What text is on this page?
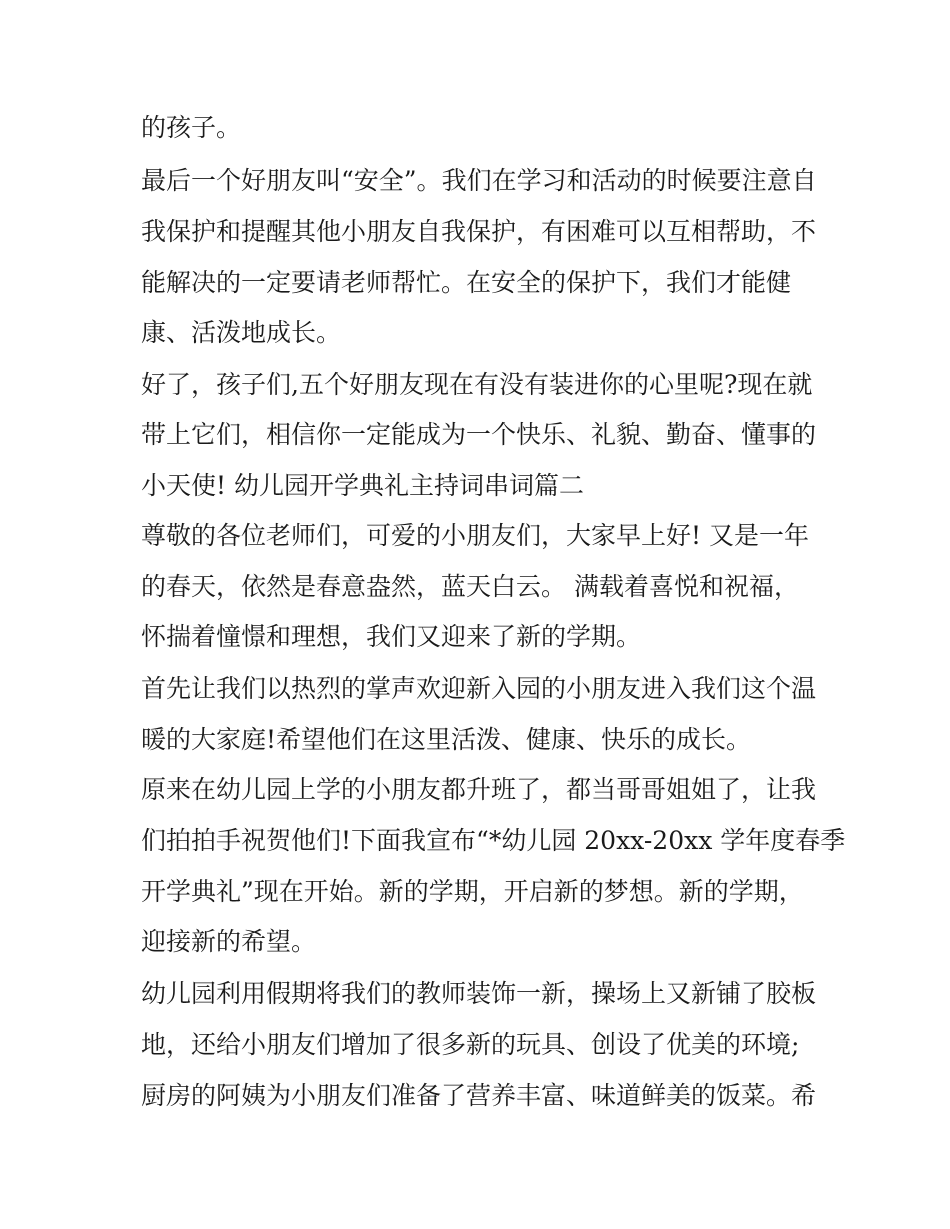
的孩子。
最后一个好朋友叫“安全”。我们在学习和活动的时候要注意自
我保护和提醒其他小朋友自我保护，有困难可以互相帮助，不
能解决的一定要请老师帮忙。在安全的保护下，我们才能健
康、活泼地成长。
好了，孩子们,五个好朋友现在有没有装进你的心里呢?现在就
带上它们，相信你一定能成为一个快乐、礼貌、勤奋、懂事的
小天使! 幼儿园开学典礼主持词串词篇二
尊敬的各位老师们，可爱的小朋友们，大家早上好! 又是一年
的春天，依然是春意盎然，蓝天白云。 满载着喜悦和祝福，
怀揣着憧憬和理想，我们又迎来了新的学期。
首先让我们以热烈的掌声欢迎新入园的小朋友进入我们这个温
暖的大家庭!希望他们在这里活泼、健康、快乐的成长。
原来在幼儿园上学的小朋友都升班了，都当哥哥姐姐了，让我
们拍拍手祝贺他们!下面我宣布“*幼儿园 20xx-20xx 学年度春季
开学典礼”现在开始。新的学期，开启新的梦想。新的学期，
迎接新的希望。
幼儿园利用假期将我们的教师装饰一新，操场上又新铺了胶板
地，还给小朋友们增加了很多新的玩具、创设了优美的环境;
厨房的阿姨为小朋友们准备了营养丰富、味道鲜美的饭菜。希
